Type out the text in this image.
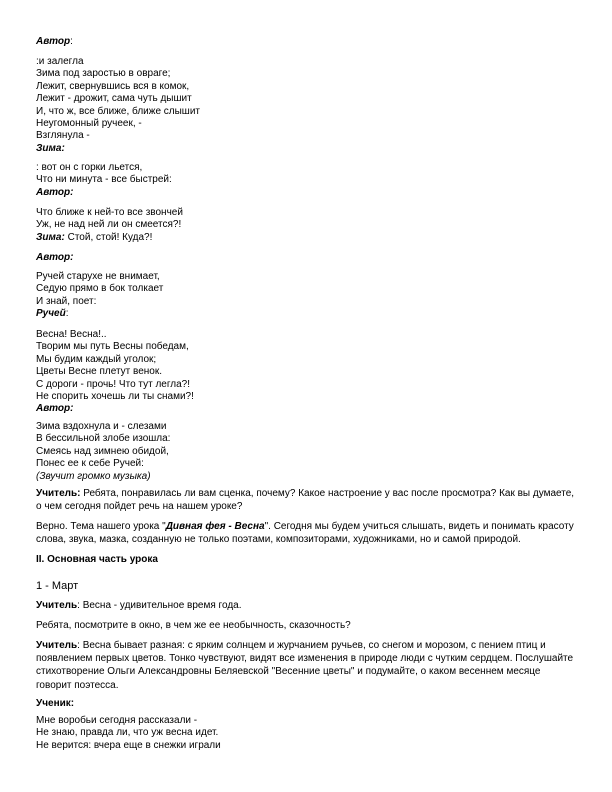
Автор:
:и залегла
Зима под заростью в овраге;
Лежит, свернувшись вся в комок,
Лежит - дрожит, сама чуть дышит
И, что ж, все ближе, ближе слышит
Неугомонный ручеек, -
Взглянула -
Зима:
: вот он с горки льется,
Что ни минута - все быстрей:
Автор:
Что ближе к ней-то все звончей
Уж, не над ней ли он смеется?!
Зима: Стой, стой! Куда?!
Автор:
Ручей старухе не внимает,
Седую прямо в бок толкает
И знай, поет:
Ручей:
Весна! Весна!..
Творим мы путь Весны победам,
Мы будим каждый уголок;
Цветы Весне плетут венок.
С дороги - прочь! Что тут легла?!
Не спорить хочешь ли ты снами?!
Автор:
Зима вздохнула и - слезами
В бессильной злобе изошла:
Смеясь над зимнею обидой,
Понес ее к себе Ручей:
(Звучит громко музыка)
Учитель: Ребята, понравилась ли вам сценка, почему? Какое настроение у вас после просмотра? Как вы думаете, о чем сегодня пойдет речь на нашем уроке?
Верно. Тема нашего урока "Дивная фея - Весна". Сегодня мы будем учиться слышать, видеть и понимать красоту слова, звука, мазка, созданную не только поэтами, композиторами, художниками, но и самой природой.
II. Основная часть урока
1 - Март
Учитель: Весна - удивительное время года.
Ребята, посмотрите в окно, в чем же ее необычность, сказочность?
Учитель: Весна бывает разная: с ярким солнцем и журчанием ручьев, со снегом и морозом, с пением птиц и появлением первых цветов. Тонко чувствуют, видят все изменения в природе люди с чутким сердцем. Послушайте стихотворение Ольги Александровны Беляевской "Весенние цветы" и подумайте, о каком весеннем месяце говорит поэтесса.
Ученик:
Мне воробьи сегодня рассказали -
Не знаю, правда ли, что уж весна идет.
Не верится: вчера еще в снежки играли
